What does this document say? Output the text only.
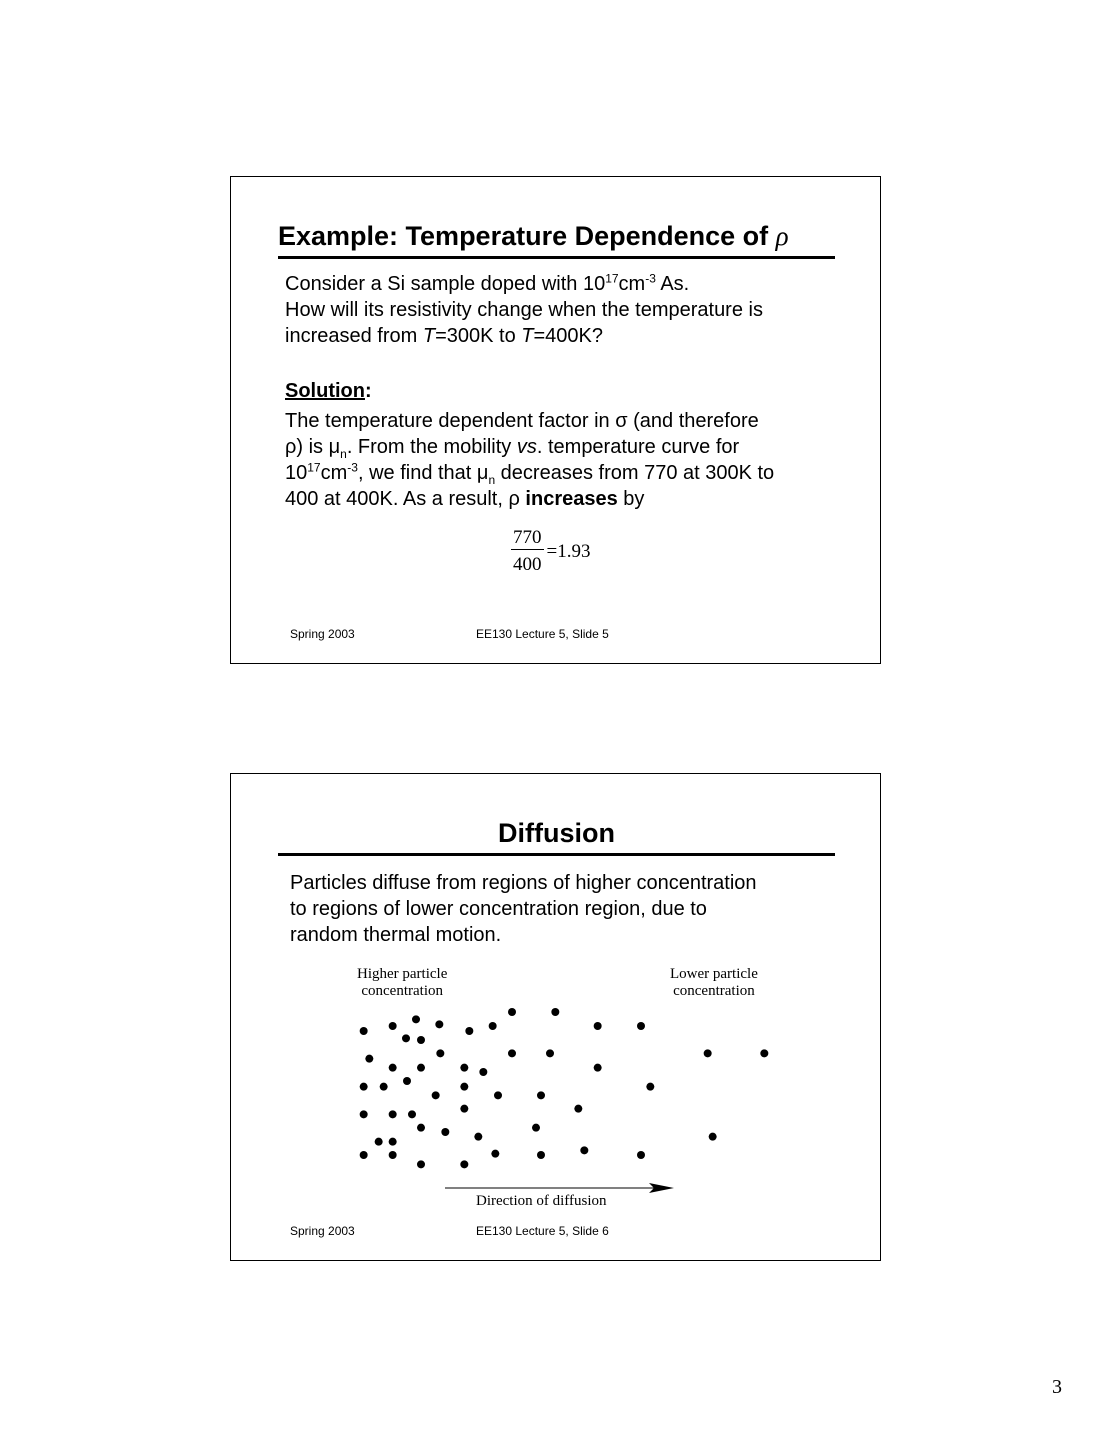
Example: Temperature Dependence of ρ
Consider a Si sample doped with $10^{17}cm^{-3}$ As.
How will its resistivity change when the temperature is
increased from T=300K to T=400K?
Solution:
The temperature dependent factor in σ (and therefore
ρ) is $\mu_n$. From the mobility vs. temperature curve for
$10^{17}cm^{-3}$, we find that $\mu_n$ decreases from 770 at 300K to
400 at 400K. As a result, ρ increases by
$\frac{770}{400} =1.93$
Spring 2003	EE130 Lecture 5, Slide 5
Diffusion
Particles diffuse from regions of higher concentration
to regions of lower concentration region, due to
random thermal motion.
Higher particle
concentration
Lower particle
concentration
Direction of diffusion
Spring 2003	EE130 Lecture 5, Slide 6
3
